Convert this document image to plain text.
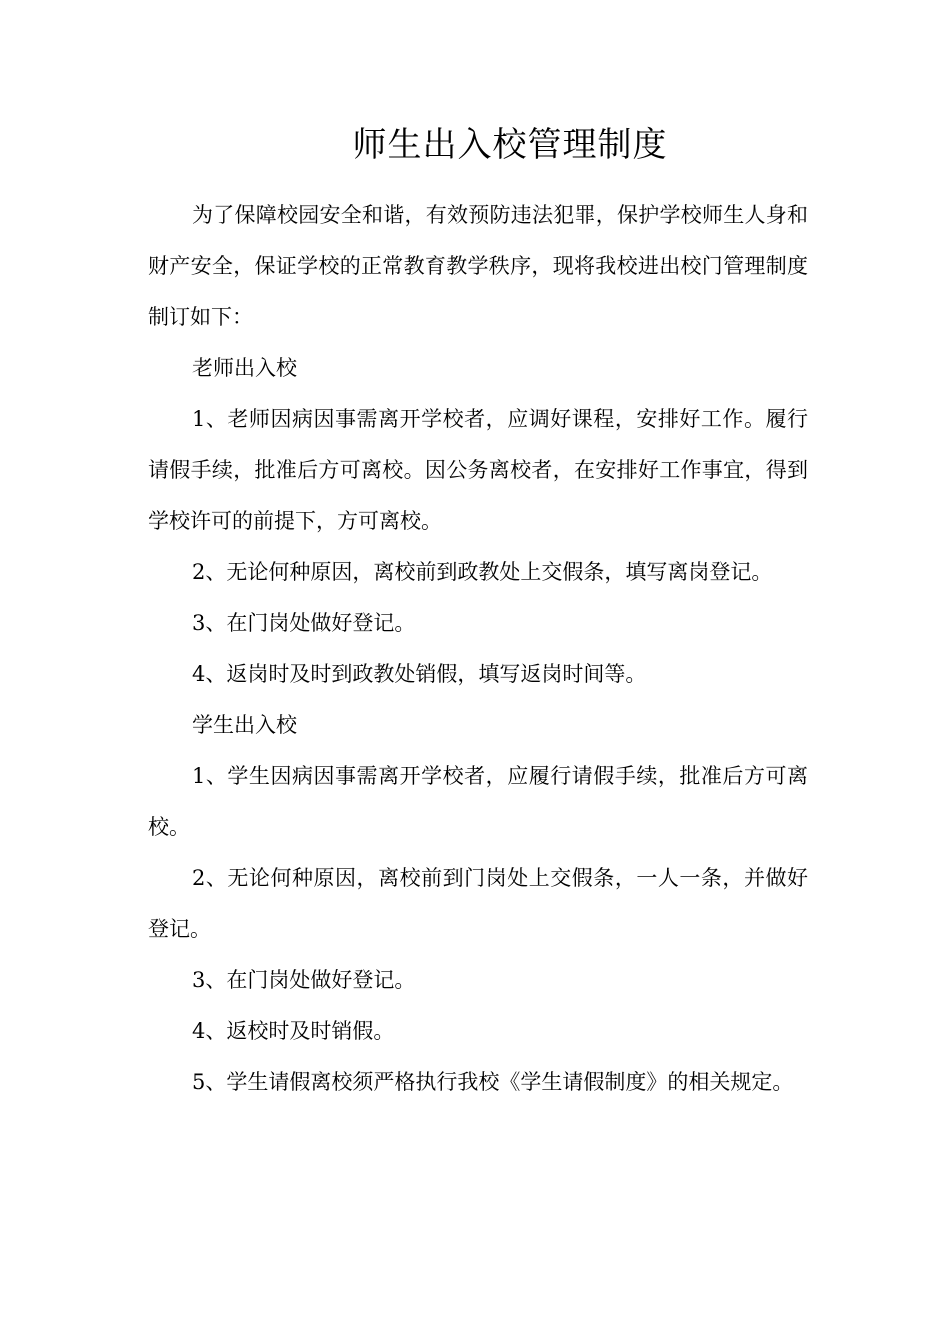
师生出入校管理制度

为了保障校园安全和谐，有效预防违法犯罪，保护学校师生人身和财产安全，保证学校的正常教育教学秩序，现将我校进出校门管理制度制订如下：

老师出入校

1、老师因病因事需离开学校者，应调好课程，安排好工作。履行请假手续，批准后方可离校。因公务离校者，在安排好工作事宜，得到学校许可的前提下，方可离校。

2、无论何种原因，离校前到政教处上交假条，填写离岗登记。

3、在门岗处做好登记。

4、返岗时及时到政教处销假，填写返岗时间等。

学生出入校

1、学生因病因事需离开学校者，应履行请假手续，批准后方可离校。

2、无论何种原因，离校前到门岗处上交假条，一人一条，并做好登记。

3、在门岗处做好登记。

4、返校时及时销假。

5、学生请假离校须严格执行我校《学生请假制度》的相关规定。
